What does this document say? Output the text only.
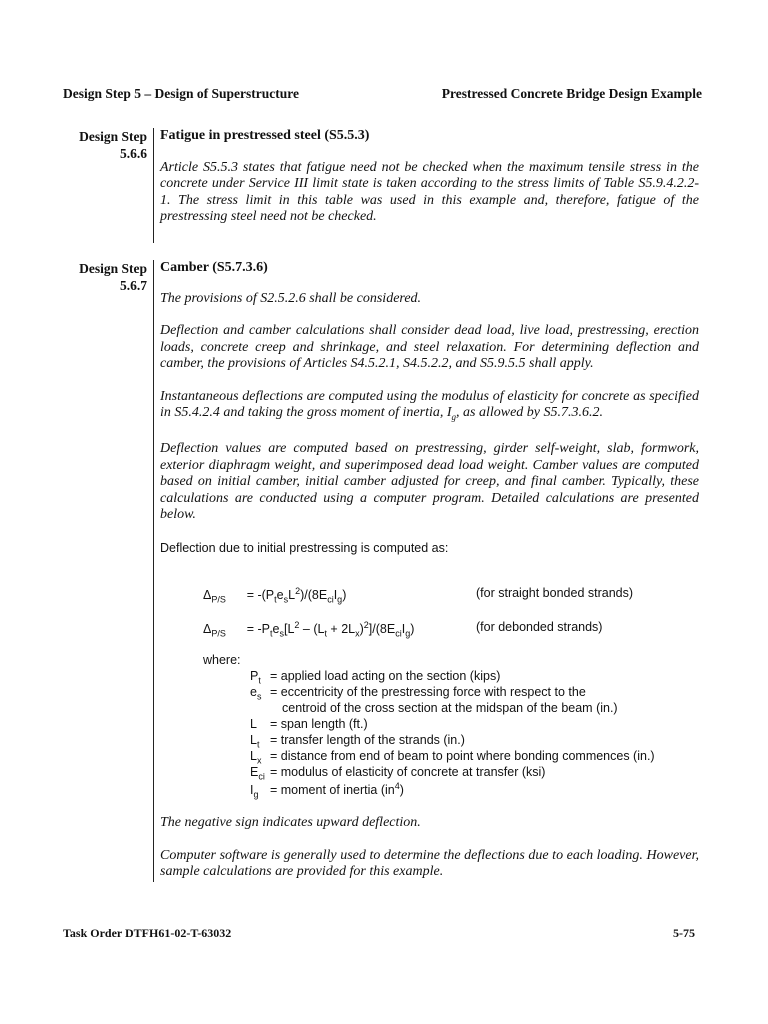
Design Step 5 – Design of Superstructure	Prestressed Concrete Bridge Design Example
Design Step
5.6.6
Fatigue in prestressed steel (S5.5.3)
Article S5.5.3 states that fatigue need not be checked when the maximum tensile stress in the concrete under Service III limit state is taken according to the stress limits of Table S5.9.4.2.2-1. The stress limit in this table was used in this example and, therefore, fatigue of the prestressing steel need not be checked.
Design Step
5.6.7
Camber (S5.7.3.6)
The provisions of S2.5.2.6 shall be considered.
Deflection and camber calculations shall consider dead load, live load, prestressing, erection loads, concrete creep and shrinkage, and steel relaxation. For determining deflection and camber, the provisions of Articles S4.5.2.1, S4.5.2.2, and S5.9.5.5 shall apply.
Instantaneous deflections are computed using the modulus of elasticity for concrete as specified in S5.4.2.4 and taking the gross moment of inertia, $I_g$, as allowed by S5.7.3.6.2.
Deflection values are computed based on prestressing, girder self-weight, slab, formwork, exterior diaphragm weight, and superimposed dead load weight. Camber values are computed based on initial camber, initial camber adjusted for creep, and final camber. Typically, these calculations are conducted using a computer program. Detailed calculations are presented below.
Deflection due to initial prestressing is computed as:
$\Delta_{P/S}$      = $-(P_te_sL^2)/(8E_{ci}I_g)$	(for straight bonded strands)
$\Delta_{P/S}$      = $-P_te_s[L^2 - (L_t + 2L_x)^2]/(8E_{ci}I_g)$	(for debonded strands)
where:
$P_t$ = applied load acting on the section (kips)
$e_s$ = eccentricity of the prestressing force with respect to the
centroid of the cross section at the midspan of the beam (in.)
L = span length (ft.)
$L_t$ = transfer length of the strands (in.)
$L_x$ = distance from end of beam to point where bonding commences (in.)
$E_{ci}$ = modulus of elasticity of concrete at transfer (ksi)
$I_g$ = moment of inertia $(in^4)$
The negative sign indicates upward deflection.
Computer software is generally used to determine the deflections due to each loading. However, sample calculations are provided for this example.
Task Order DTFH61-02-T-63032	5-75
